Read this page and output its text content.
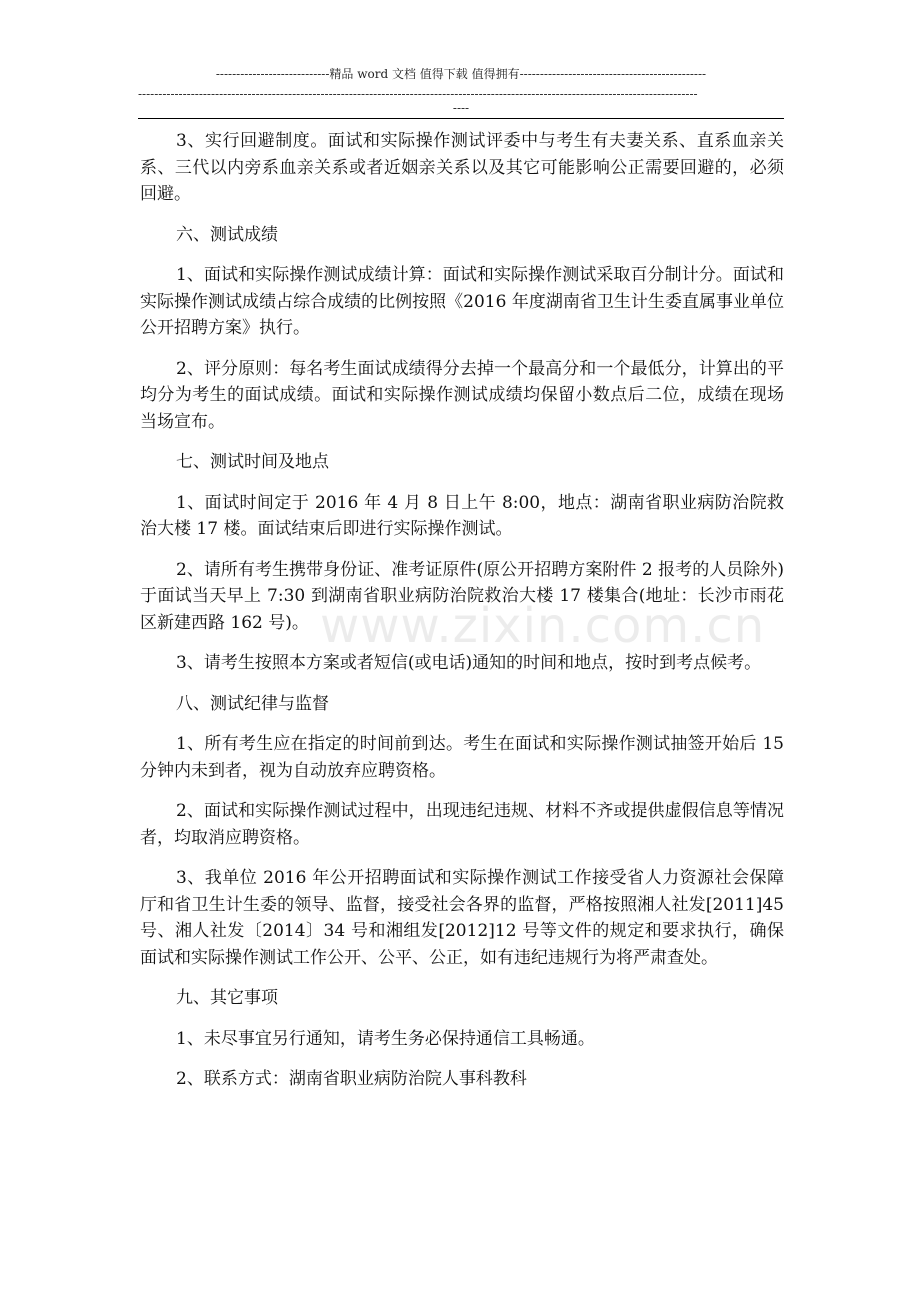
----------------------------精品 word 文档 值得下载 值得拥有----------------------------------------------
------------------------------------------------------------------------------------------------------------------------------------------
----
www.zixin.com.cn

3、实行回避制度。面试和实际操作测试评委中与考生有夫妻关系、直系血亲关系、三代以内旁系血亲关系或者近姻亲关系以及其它可能影响公正需要回避的，必须回避。

六、测试成绩

1、面试和实际操作测试成绩计算：面试和实际操作测试采取百分制计分。面试和实际操作测试成绩占综合成绩的比例按照《2016 年度湖南省卫生计生委直属事业单位公开招聘方案》执行。

2、评分原则：每名考生面试成绩得分去掉一个最高分和一个最低分，计算出的平均分为考生的面试成绩。面试和实际操作测试成绩均保留小数点后二位，成绩在现场当场宣布。

七、测试时间及地点

1、面试时间定于 2016 年 4 月 8 日上午 8:00，地点：湖南省职业病防治院救治大楼 17 楼。面试结束后即进行实际操作测试。

2、请所有考生携带身份证、准考证原件(原公开招聘方案附件 2 报考的人员除外)于面试当天早上 7:30 到湖南省职业病防治院救治大楼 17 楼集合(地址：长沙市雨花区新建西路 162 号)。

3、请考生按照本方案或者短信(或电话)通知的时间和地点，按时到考点候考。

八、测试纪律与监督

1、所有考生应在指定的时间前到达。考生在面试和实际操作测试抽签开始后 15 分钟内未到者，视为自动放弃应聘资格。

2、面试和实际操作测试过程中，出现违纪违规、材料不齐或提供虚假信息等情况者，均取消应聘资格。

3、我单位 2016 年公开招聘面试和实际操作测试工作接受省人力资源社会保障厅和省卫生计生委的领导、监督，接受社会各界的监督，严格按照湘人社发[2011]45 号、湘人社发〔2014〕34 号和湘组发[2012]12 号等文件的规定和要求执行，确保面试和实际操作测试工作公开、公平、公正，如有违纪违规行为将严肃查处。

九、其它事项

1、未尽事宜另行通知，请考生务必保持通信工具畅通。

2、联系方式：湖南省职业病防治院人事科教科
